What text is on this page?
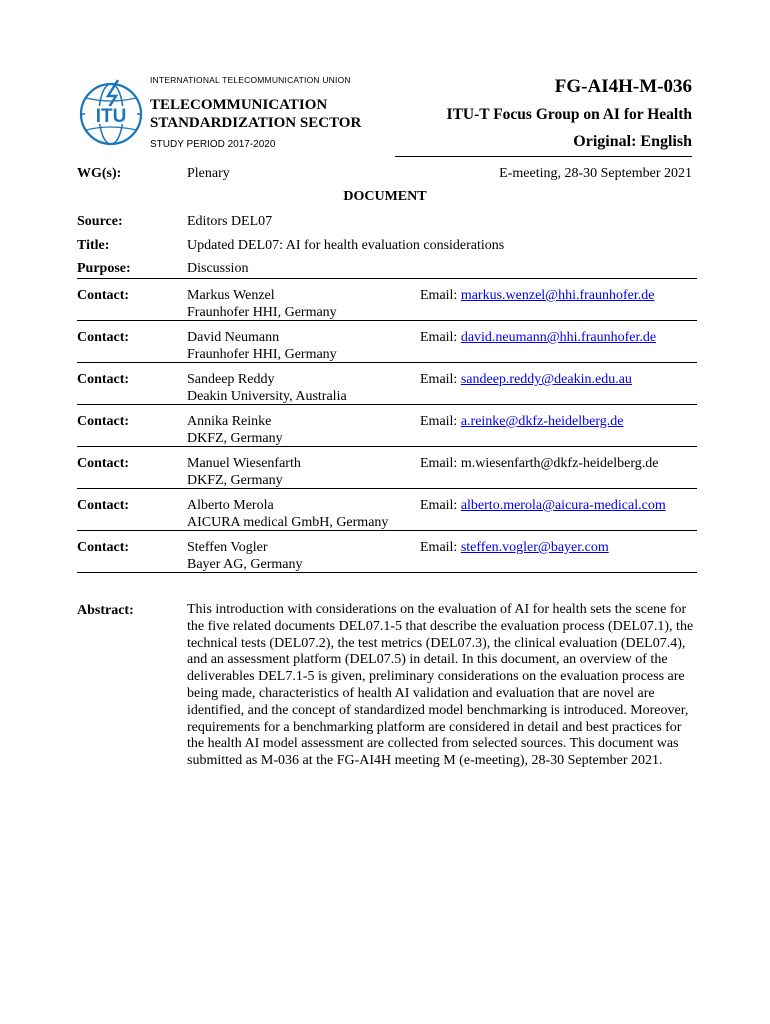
ITU
INTERNATIONAL TELECOMMUNICATION UNION
TELECOMMUNICATION
STANDARDIZATION SECTOR
STUDY PERIOD 2017-2020
FG-AI4H-M-036
ITU-T Focus Group on AI for Health
Original: English
WG(s):	Plenary	E-meeting, 28-30 September 2021
DOCUMENT
Source:	Editors DEL07
Title:	Updated DEL07: AI for health evaluation considerations
Purpose:	Discussion
Contact:	Markus Wenzel
Fraunhofer HHI, Germany
Email: markus.wenzel@hhi.fraunhofer.de
Contact:	David Neumann
Fraunhofer HHI, Germany
Email: david.neumann@hhi.fraunhofer.de
Contact:	Sandeep Reddy
Deakin University, Australia
Email: sandeep.reddy@deakin.edu.au
Contact:	Annika Reinke
DKFZ, Germany
Email: a.reinke@dkfz-heidelberg.de
Contact:	Manuel Wiesenfarth
DKFZ, Germany
Email: m.wiesenfarth@dkfz-heidelberg.de
Contact:	Alberto Merola
AICURA medical GmbH, Germany
Email: alberto.merola@aicura-medical.com
Contact:	Steffen Vogler
Bayer AG, Germany
Email: steffen.vogler@bayer.com
Abstract:	This introduction with considerations on the evaluation of AI for health sets the scene for the five related documents DEL07.1-5 that describe the evaluation process (DEL07.1), the technical tests (DEL07.2), the test metrics (DEL07.3), the clinical evaluation (DEL07.4), and an assessment platform (DEL07.5) in detail. In this document, an overview of the deliverables DEL7.1-5 is given, preliminary considerations on the evaluation process are being made, characteristics of health AI validation and evaluation that are novel are identified, and the concept of standardized model benchmarking is introduced. Moreover, requirements for a benchmarking platform are considered in detail and best practices for the health AI model assessment are collected from selected sources. This document was submitted as M-036 at the FG-AI4H meeting M (e-meeting), 28-30 September 2021.
